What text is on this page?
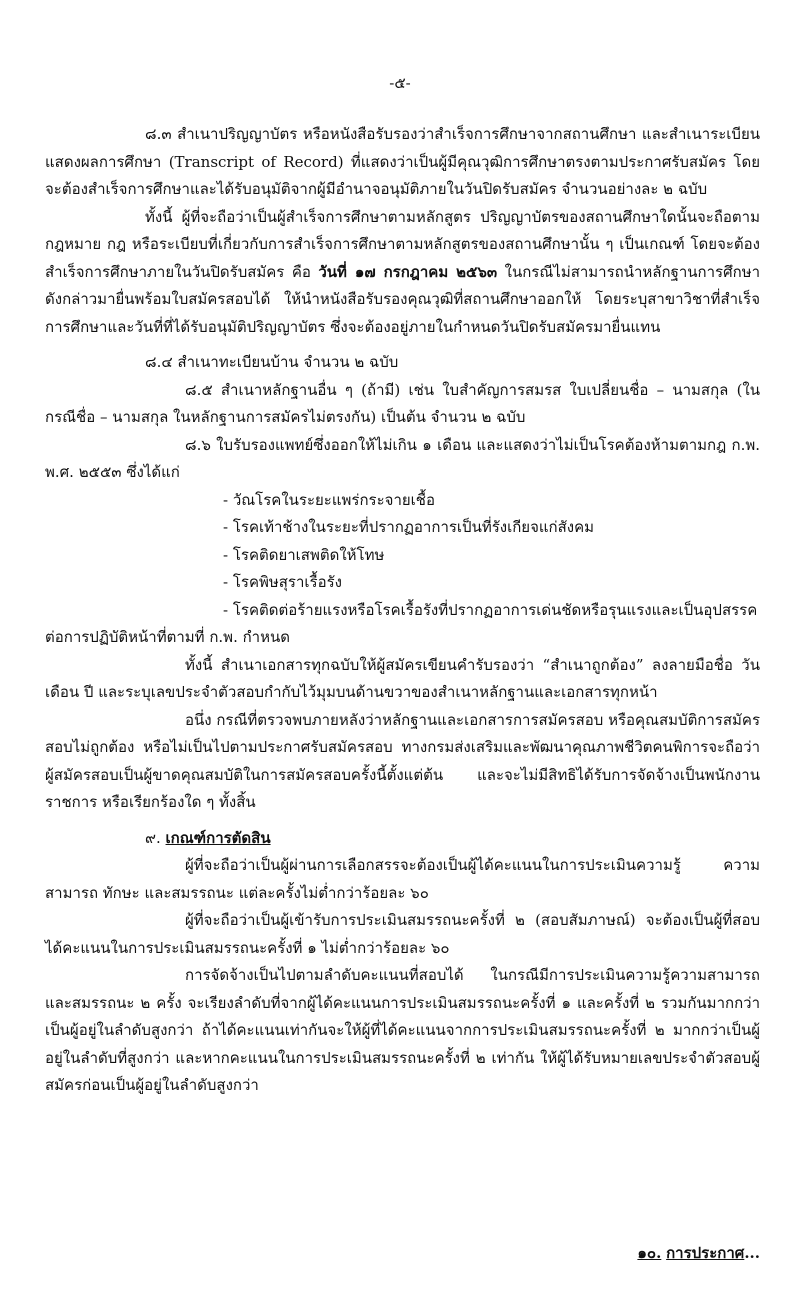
-๕-

๘.๓ สำเนาปริญญาบัตร หรือหนังสือรับรองว่าสำเร็จการศึกษาจากสถานศึกษา และสำเนาระเบียนแสดงผลการศึกษา (Transcript of Record) ที่แสดงว่าเป็นผู้มีคุณวุฒิการศึกษาตรงตามประกาศรับสมัคร โดยจะต้องสำเร็จการศึกษาและได้รับอนุมัติจากผู้มีอำนาจอนุมัติภายในวันปิดรับสมัคร จำนวนอย่างละ ๒ ฉบับ

ทั้งนี้ ผู้ที่จะถือว่าเป็นผู้สำเร็จการศึกษาตามหลักสูตร ปริญญาบัตรของสถานศึกษาใดนั้นจะถือตามกฎหมาย กฎ หรือระเบียบที่เกี่ยวกับการสำเร็จการศึกษาตามหลักสูตรของสถานศึกษานั้น ๆ เป็นเกณฑ์ โดยจะต้องสำเร็จการศึกษาภายในวันปิดรับสมัคร คือ วันที่ ๑๗ กรกฎาคม ๒๕๖๓ ในกรณีไม่สามารถนำหลักฐานการศึกษาดังกล่าวมายื่นพร้อมใบสมัครสอบได้ ให้นำหนังสือรับรองคุณวุฒิที่สถานศึกษาออกให้ โดยระบุสาขาวิชาที่สำเร็จการศึกษาและวันที่ที่ได้รับอนุมัติปริญญาบัตร ซึ่งจะต้องอยู่ภายในกำหนดวันปิดรับสมัครมายื่นแทน

๘.๔ สำเนาทะเบียนบ้าน จำนวน ๒ ฉบับ

๘.๕ สำเนาหลักฐานอื่น ๆ (ถ้ามี) เช่น ใบสำคัญการสมรส ใบเปลี่ยนชื่อ – นามสกุล (ในกรณีชื่อ – นามสกุล ในหลักฐานการสมัครไม่ตรงกัน) เป็นต้น จำนวน ๒ ฉบับ

๘.๖ ใบรับรองแพทย์ซึ่งออกให้ไม่เกิน ๑ เดือน และแสดงว่าไม่เป็นโรคต้องห้ามตามกฎ ก.พ. พ.ศ. ๒๕๕๓ ซึ่งได้แก่

- วัณโรคในระยะแพร่กระจายเชื้อ
- โรคเท้าช้างในระยะที่ปรากฏอาการเป็นที่รังเกียจแก่สังคม
- โรคติดยาเสพติดให้โทษ
- โรคพิษสุราเรื้อรัง
- โรคติดต่อร้ายแรงหรือโรคเรื้อรังที่ปรากฏอาการเด่นชัดหรือรุนแรงและเป็นอุปสรรค

ต่อการปฏิบัติหน้าที่ตามที่ ก.พ. กำหนด

ทั้งนี้ สำเนาเอกสารทุกฉบับให้ผู้สมัครเขียนคำรับรองว่า “สำเนาถูกต้อง” ลงลายมือชื่อ วัน เดือน ปี และระบุเลขประจำตัวสอบกำกับไว้มุมบนด้านขวาของสำเนาหลักฐานและเอกสารทุกหน้า

อนึ่ง กรณีที่ตรวจพบภายหลังว่าหลักฐานและเอกสารการสมัครสอบ หรือคุณสมบัติการสมัครสอบไม่ถูกต้อง หรือไม่เป็นไปตามประกาศรับสมัครสอบ ทางกรมส่งเสริมและพัฒนาคุณภาพชีวิตคนพิการจะถือว่าผู้สมัครสอบเป็นผู้ขาดคุณสมบัติในการสมัครสอบครั้งนี้ตั้งแต่ต้น และจะไม่มีสิทธิได้รับการจัดจ้างเป็นพนักงานราชการ หรือเรียกร้องใด ๆ ทั้งสิ้น

๙. เกณฑ์การตัดสิน

ผู้ที่จะถือว่าเป็นผู้ผ่านการเลือกสรรจะต้องเป็นผู้ได้คะแนนในการประเมินความรู้ ความสามารถ ทักษะ และสมรรถนะ แต่ละครั้งไม่ต่ำกว่าร้อยละ ๖๐

ผู้ที่จะถือว่าเป็นผู้เข้ารับการประเมินสมรรถนะครั้งที่ ๒ (สอบสัมภาษณ์) จะต้องเป็นผู้ที่สอบได้คะแนนในการประเมินสมรรถนะครั้งที่ ๑ ไม่ต่ำกว่าร้อยละ ๖๐

การจัดจ้างเป็นไปตามลำดับคะแนนที่สอบได้ ในกรณีมีการประเมินความรู้ความสามารถและสมรรถนะ ๒ ครั้ง จะเรียงลำดับที่จากผู้ได้คะแนนการประเมินสมรรถนะครั้งที่ ๑ และครั้งที่ ๒ รวมกันมากกว่าเป็นผู้อยู่ในลำดับสูงกว่า ถ้าได้คะแนนเท่ากันจะให้ผู้ที่ได้คะแนนจากการประเมินสมรรถนะครั้งที่ ๒ มากกว่าเป็นผู้อยู่ในลำดับที่สูงกว่า และหากคะแนนในการประเมินสมรรถนะครั้งที่ ๒ เท่ากัน ให้ผู้ได้รับหมายเลขประจำตัวสอบผู้สมัครก่อนเป็นผู้อยู่ในลำดับสูงกว่า

๑๐. การประกาศ...
